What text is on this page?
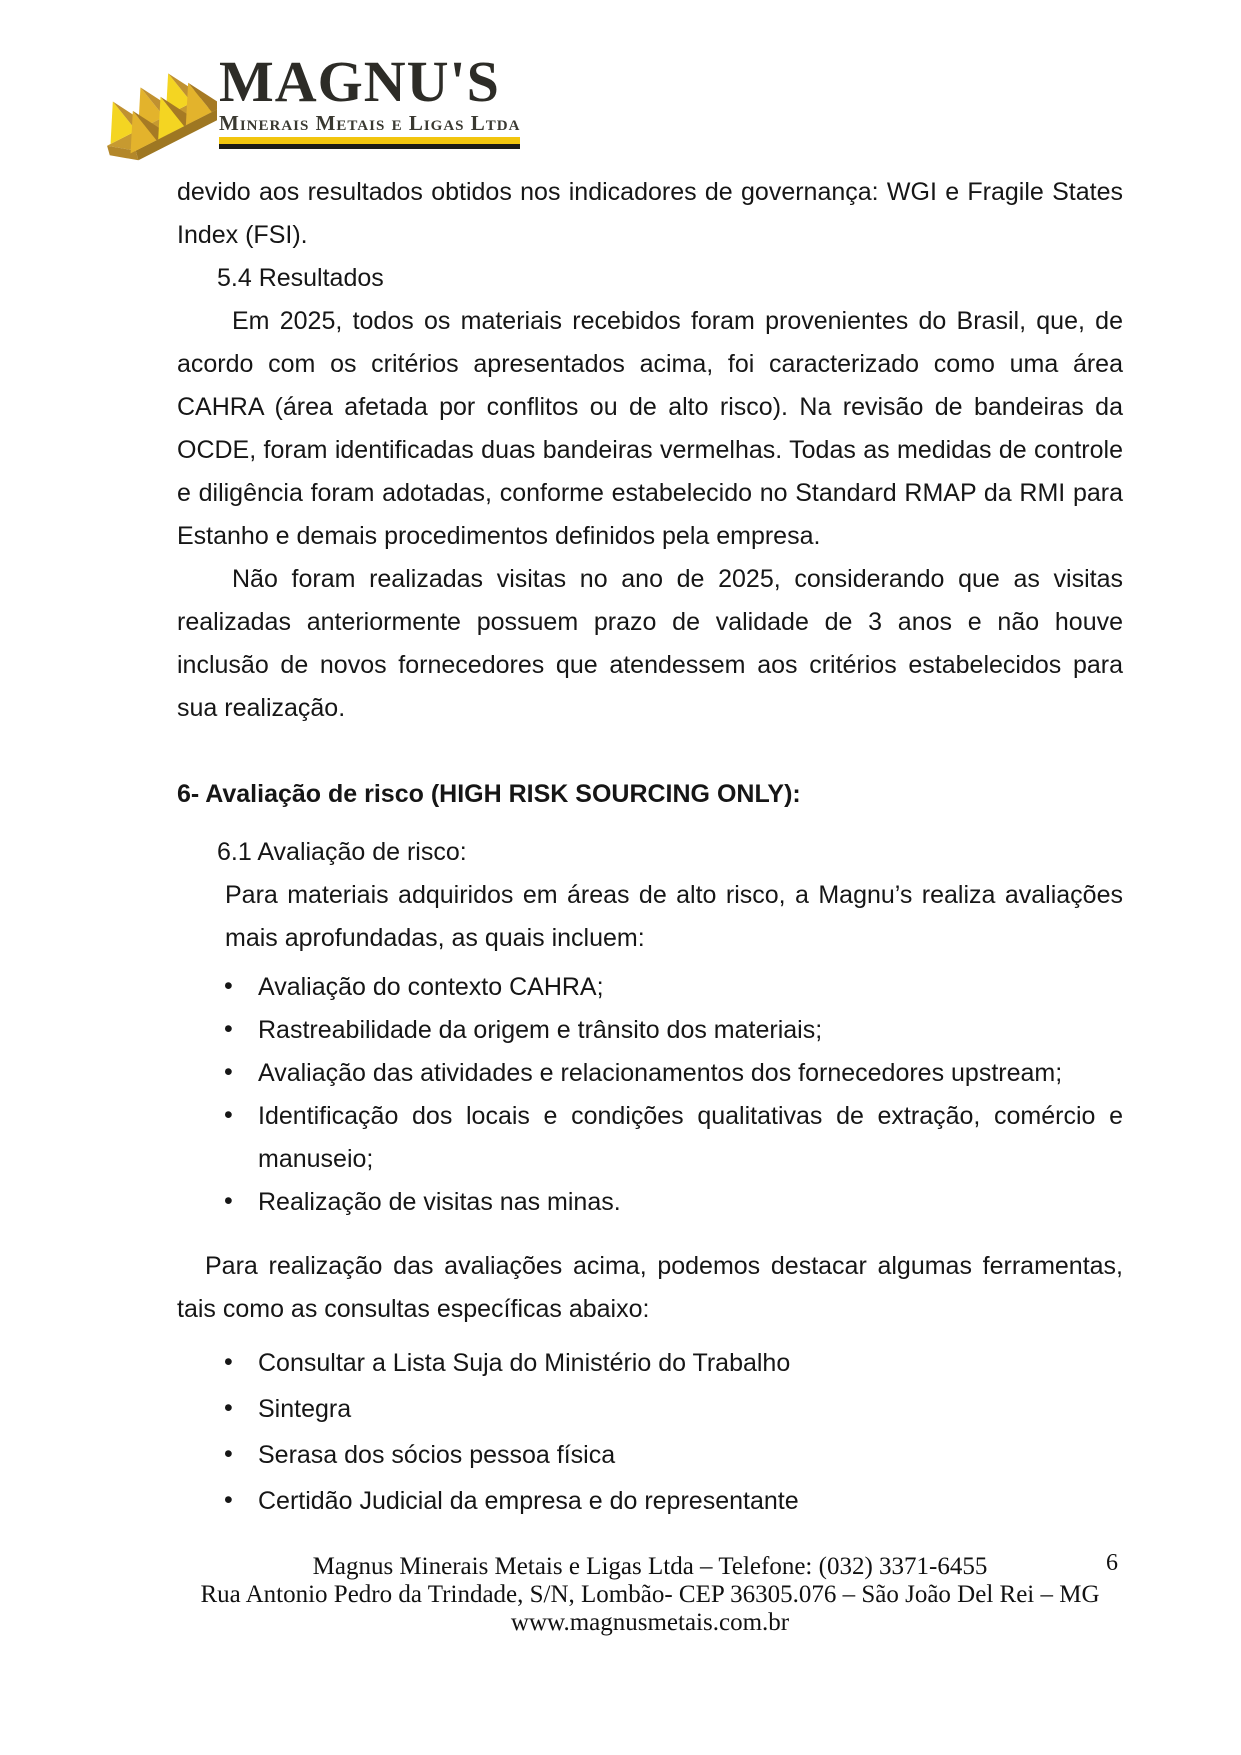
MAGNU'S
Minerais Metais e Ligas Ltda

devido aos resultados obtidos nos indicadores de governança: WGI e Fragile States Index (FSI).

5.4 Resultados

Em 2025, todos os materiais recebidos foram provenientes do Brasil, que, de acordo com os critérios apresentados acima, foi caracterizado como uma área CAHRA (área afetada por conflitos ou de alto risco). Na revisão de bandeiras da OCDE, foram identificadas duas bandeiras vermelhas. Todas as medidas de controle e diligência foram adotadas, conforme estabelecido no Standard RMAP da RMI para Estanho e demais procedimentos definidos pela empresa.

Não foram realizadas visitas no ano de 2025, considerando que as visitas realizadas anteriormente possuem prazo de validade de 3 anos e não houve inclusão de novos fornecedores que atendessem aos critérios estabelecidos para sua realização.

6- Avaliação de risco (HIGH RISK SOURCING ONLY):

6.1 Avaliação de risco:

Para materiais adquiridos em áreas de alto risco, a Magnu’s realiza avaliações mais aprofundadas, as quais incluem:

• Avaliação do contexto CAHRA;
• Rastreabilidade da origem e trânsito dos materiais;
• Avaliação das atividades e relacionamentos dos fornecedores upstream;
• Identificação dos locais e condições qualitativas de extração, comércio e manuseio;
• Realização de visitas nas minas.

Para realização das avaliações acima, podemos destacar algumas ferramentas, tais como as consultas específicas abaixo:

• Consultar a Lista Suja do Ministério do Trabalho
• Sintegra
• Serasa dos sócios pessoa física
• Certidão Judicial da empresa e do representante
Magnus Minerais Metais e Ligas Ltda – Telefone: (032) 3371-6455
Rua Antonio Pedro da Trindade, S/N, Lombão- CEP 36305.076 – São João Del Rei – MG
www.magnusmetais.com.br
6
